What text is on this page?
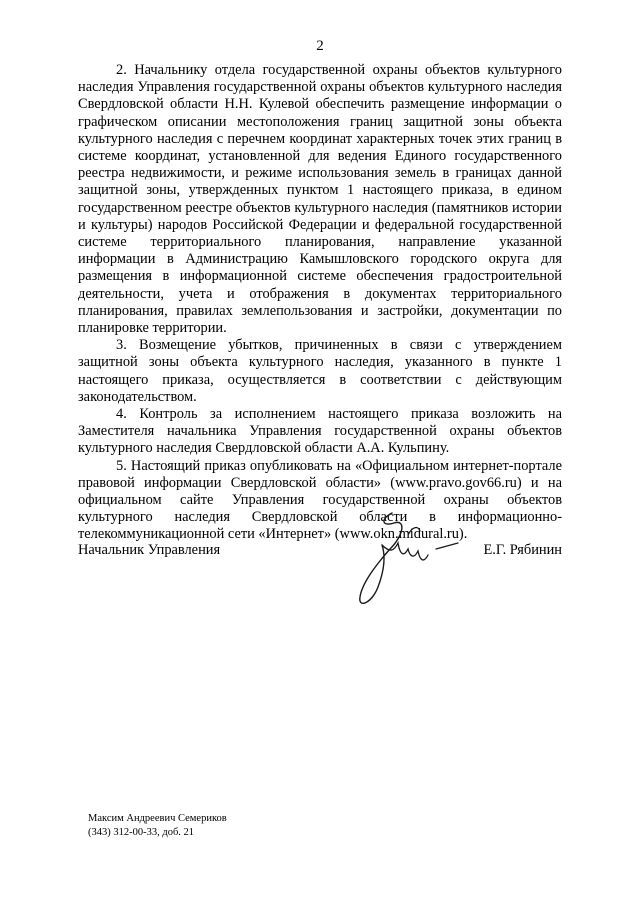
2

2. Начальнику отдела государственной охраны объектов культурного наследия Управления государственной охраны объектов культурного наследия Свердловской области Н.Н. Кулевой обеспечить размещение информации о графическом описании местоположения границ защитной зоны объекта культурного наследия с перечнем координат характерных точек этих границ в системе координат, установленной для ведения Единого государственного реестра недвижимости, и режиме использования земель в границах данной защитной зоны, утвержденных пунктом 1 настоящего приказа, в едином государственном реестре объектов культурного наследия (памятников истории и культуры) народов Российской Федерации и федеральной государственной системе территориального планирования, направление указанной информации в Администрацию Камышловского городского округа для размещения в информационной системе обеспечения градостроительной деятельности, учета и отображения в документах территориального планирования, правилах землепользования и застройки, документации по планировке территории.

3. Возмещение убытков, причиненных в связи с утверждением защитной зоны объекта культурного наследия, указанного в пункте 1 настоящего приказа, осуществляется в соответствии с действующим законодательством.

4. Контроль за исполнением настоящего приказа возложить на Заместителя начальника Управления государственной охраны объектов культурного наследия Свердловской области А.А. Кульпину.

5. Настоящий приказ опубликовать на «Официальном интернет-портале правовой информации Свердловской области» (www.pravo.gov66.ru) и на официальном сайте Управления государственной охраны объектов культурного наследия Свердловской области в информационно-телекоммуникационной сети «Интернет» (www.okn.midural.ru).

Начальник Управления	Е.Г. Рябинин
Максим Андреевич Семериков
(343) 312-00-33, доб. 21
